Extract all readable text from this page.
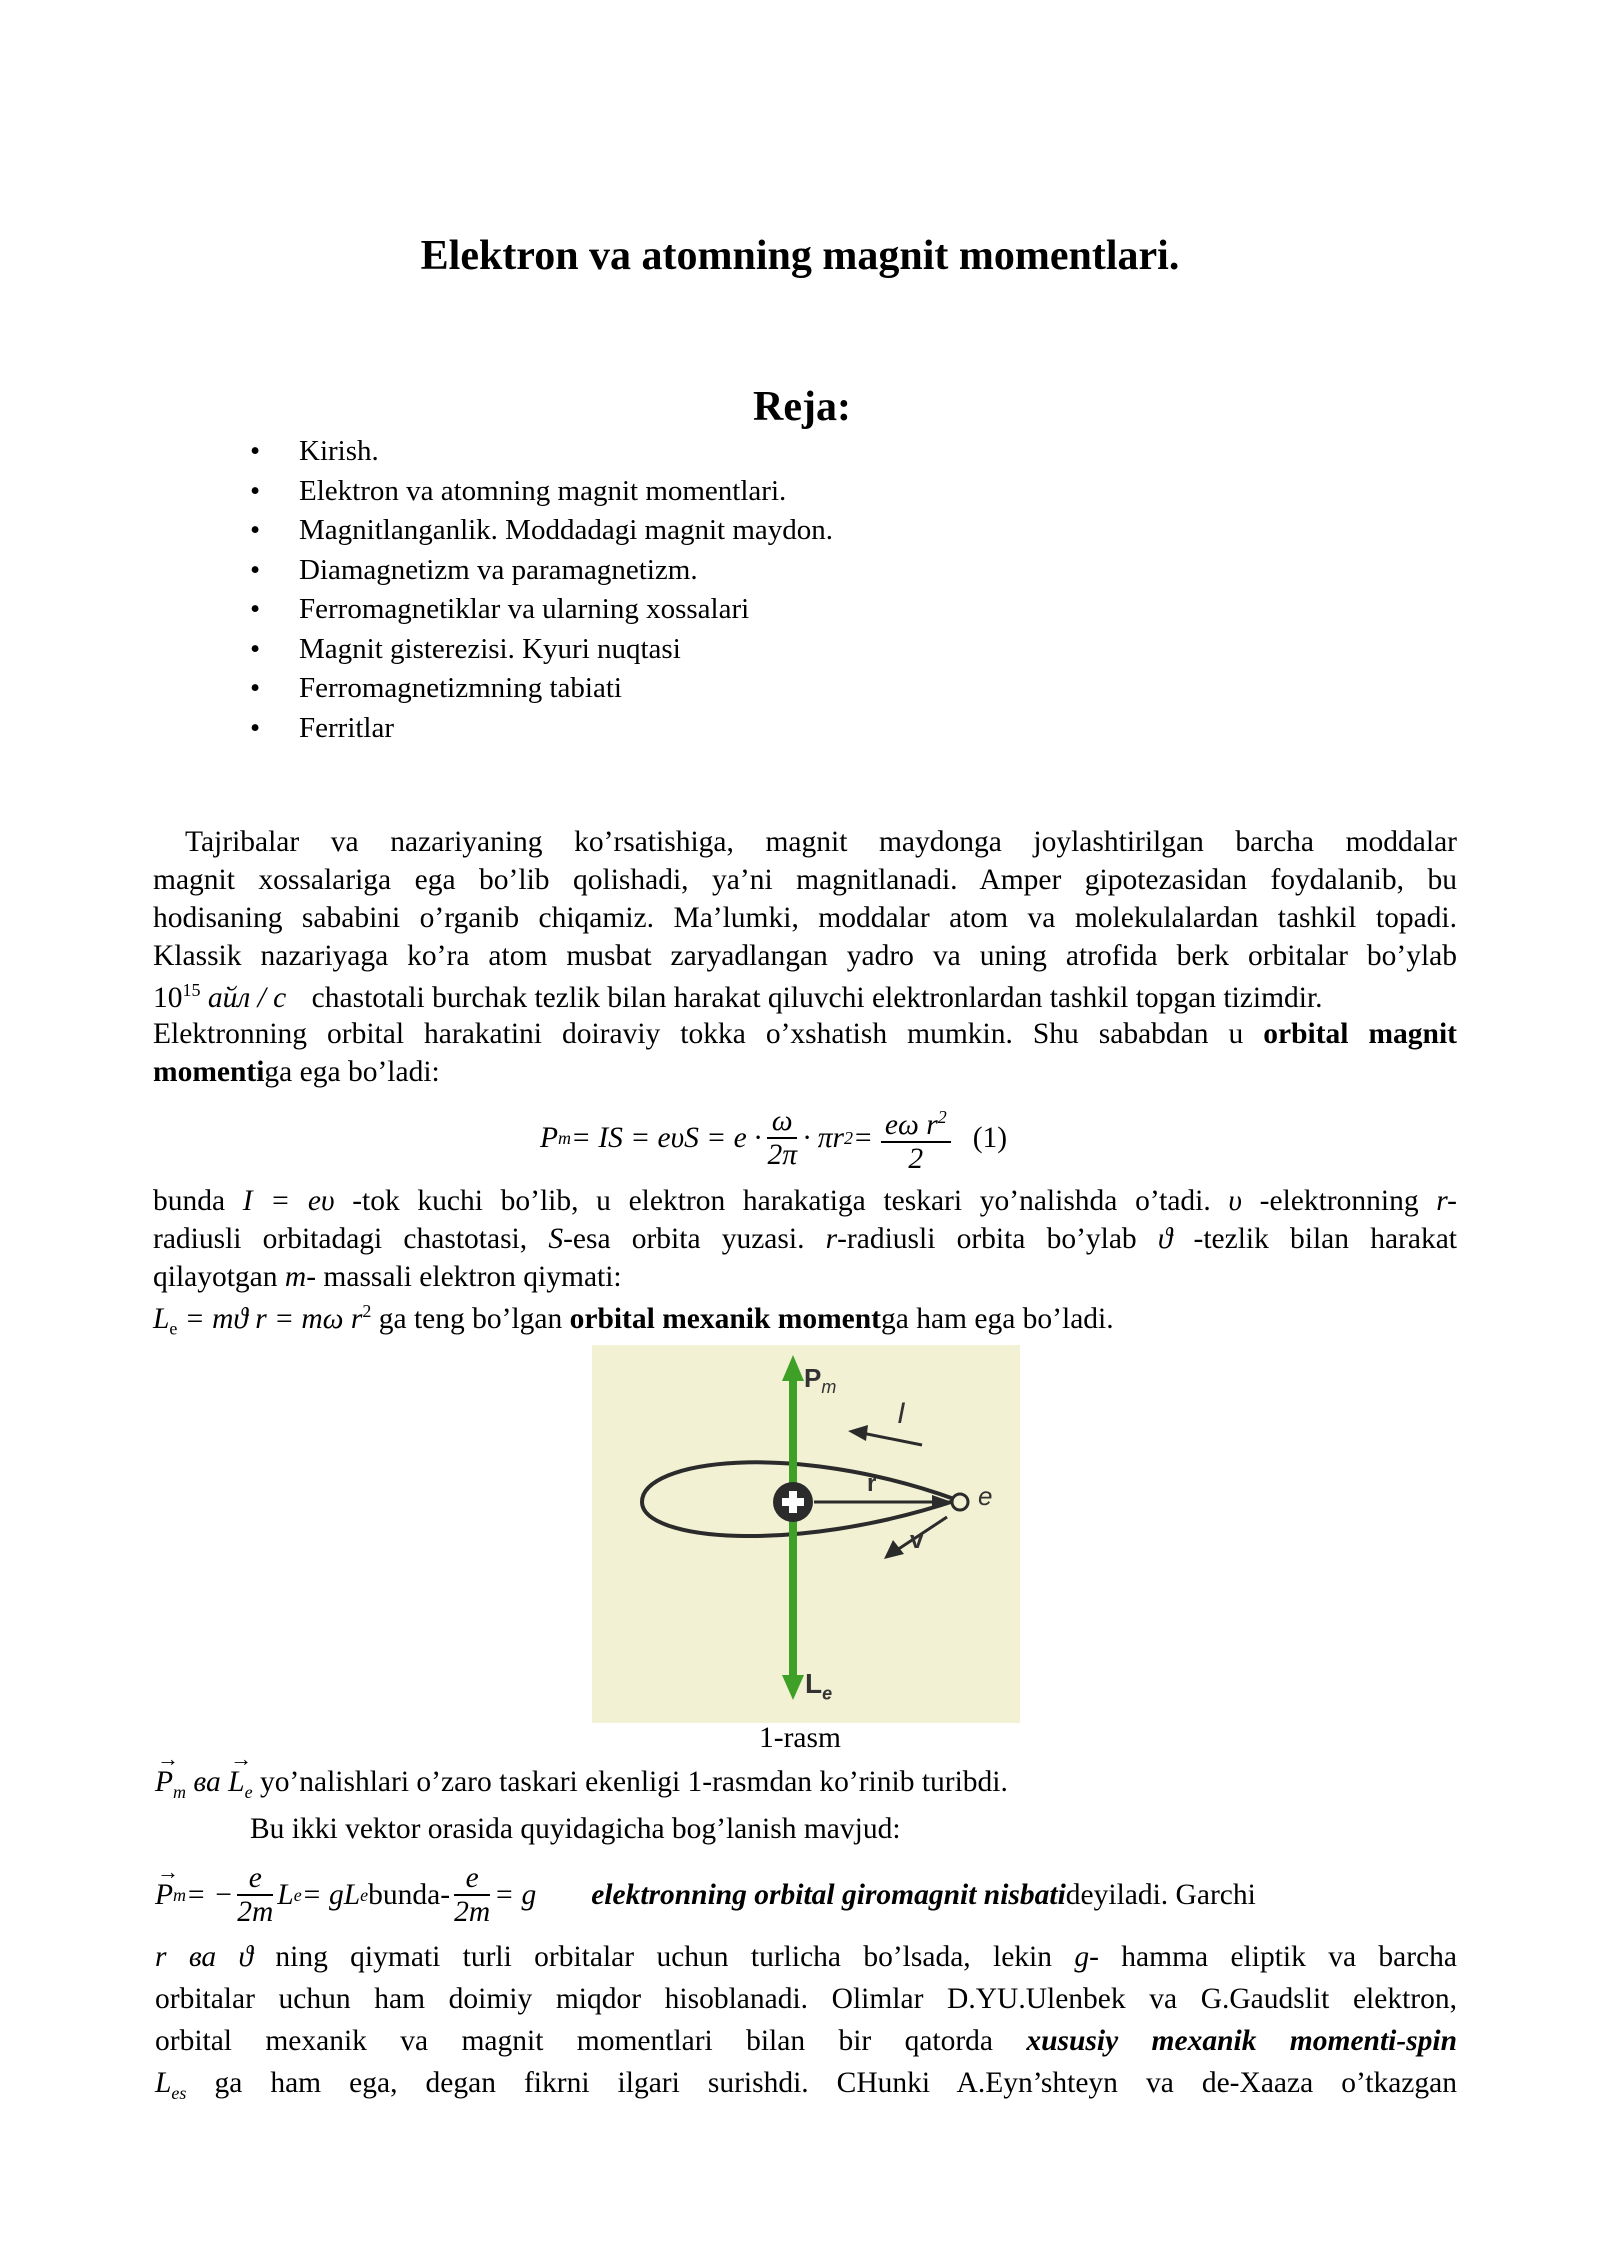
Elektron va atomning magnit momentlari.
Reja:
• Kirish.
• Elektron va atomning magnit momentlari.
• Magnitlanganlik. Moddadagi magnit maydon.
• Diamagnetizm va paramagnetizm.
• Ferromagnetiklar va ularning xossalari
• Magnit gisterezisi. Kyuri nuqtasi
• Ferromagnetizmning tabiati
• Ferritlar
Tajribalar va nazariyaning ko’rsatishiga, magnit maydonga joylashtirilgan barcha moddalar
magnit xossalariga ega bo’lib qolishadi, ya’ni magnitlanadi. Amper gipotezasidan foydalanib, bu
hodisaning sababini o’rganib chiqamiz. Ma’lumki, moddalar atom va molekulalardan tashkil topadi.
Klassik nazariyaga ko’ra atom musbat zaryadlangan yadro va uning atrofida berk orbitalar bo’ylab
$10^{15}$ айл / с chastotali burchak tezlik bilan harakat qiluvchi elektronlardan tashkil topgan tizimdir.
Elektronning orbital harakatini doiraviy tokka o’xshatish mumkin. Shu sababdan u orbital magnit
momentiga ega bo’ladi:
P m = IS = $e\upsilon S = e \cdot \frac{\omega}{2\pi} \cdot \pi r$ $2 = \frac{e\omega r^2}{2} (1)$
bunda I = eυ -tok kuchi bo’lib, u elektron harakatiga teskari yo’nalishda o’tadi. υ -elektronning r-
radiusli orbitadagi chastotasi, S-esa orbita yuzasi. r-radiusli orbita bo’ylab ϑ -tezlik bilan harakat
qilayotgan m- massali elektron qiymati:
$L_e = mϑ$ r = mω $r^2$ ga teng bo’lgan orbital mexanik momentga ham ega bo’ladi.
$P_m$
$L_e$
I
r
v
e
1-rasm
→
$P_m$ ва
→
$L_e$ yo’nalishlari o’zaro taskari ekenligi 1-rasmdan ko’rinib turibdi.
Bu ikki vektor orasida quyidagicha bog’lanish mavjud:
→
P m = − $\frac{e}{2m}$ L e = gL e bunda- $\frac{e}{2m} = g$ elektronning orbital giromagnit nisbati deyiladi. Garchi
r ва ϑ ning qiymati turli orbitalar uchun turlicha bo’lsada, lekin g- hamma eliptik va barcha
orbitalar uchun ham doimiy miqdor hisoblanadi. Olimlar D.YU.Ulenbek va G.Gaudslit elektron,
orbital mexanik va magnit momentlari bilan bir qatorda xususiy mexanik momenti-spin
$L_{es}$ ga ham ega, degan fikrni ilgari surishdi. CHunki A.Eyn’shteyn va de-Xaaza o’tkazgan
